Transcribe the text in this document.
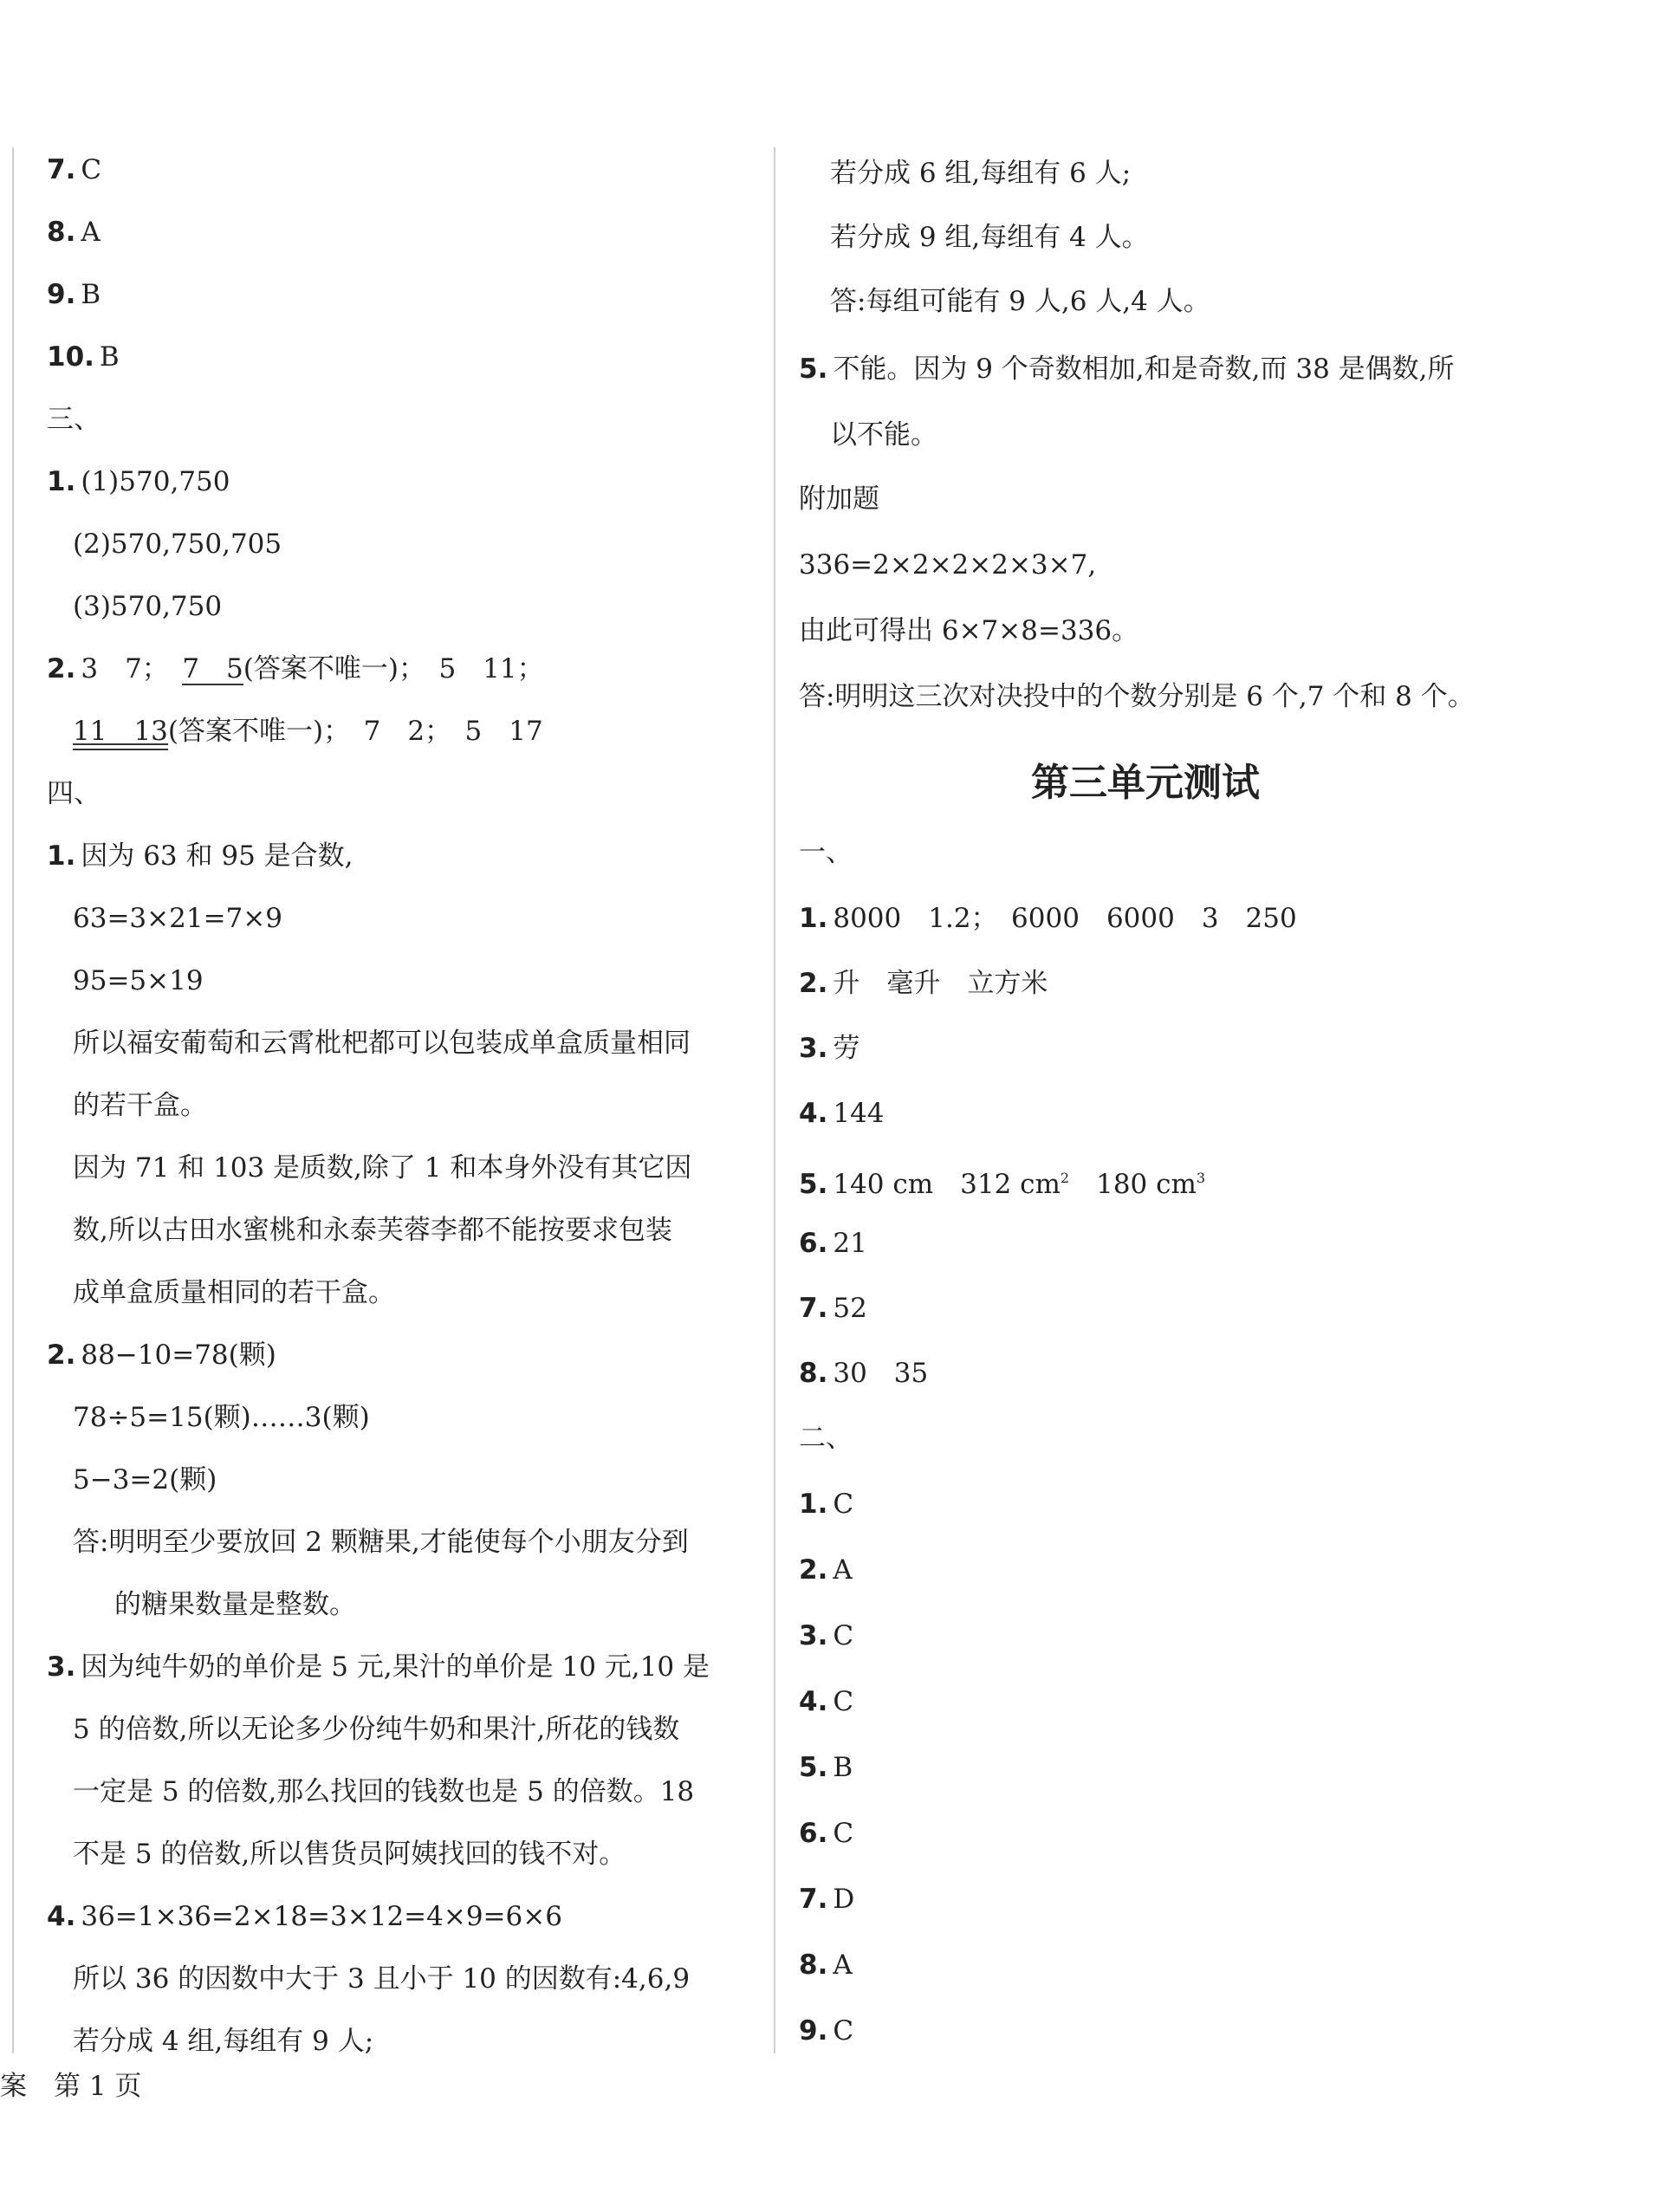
7. C
8. A
9. B
10. B
三、
1. (1)570,750
(2)570,750,705
(3)570,750
2. 3　7；　 7　5(答案不唯一)；　5　11；
11　13(答案不唯一)；　7　2；　5　17
四、
1. 因为 63 和 95 是合数,
63=3×21=7×9
95=5×19
所以福安葡萄和云霄枇杷都可以包装成单盒质量相同
的若干盒。
因为 71 和 103 是质数,除了 1 和本身外没有其它因
数,所以古田水蜜桃和永泰芙蓉李都不能按要求包装
成单盒质量相同的若干盒。
2. 88−10=78(颗)
78÷5=15(颗)……3(颗)
5−3=2(颗)
答:明明至少要放回 2 颗糖果,才能使每个小朋友分到
的糖果数量是整数。
3. 因为纯牛奶的单价是 5 元,果汁的单价是 10 元,10 是
5 的倍数,所以无论多少份纯牛奶和果汁,所花的钱数
一定是 5 的倍数,那么找回的钱数也是 5 的倍数。18
不是 5 的倍数,所以售货员阿姨找回的钱不对。
4. 36=1×36=2×18=3×12=4×9=6×6
所以 36 的因数中大于 3 且小于 10 的因数有:4,6,9
若分成 4 组,每组有 9 人;
若分成 6 组,每组有 6 人;
若分成 9 组,每组有 4 人。
答:每组可能有 9 人,6 人,4 人。
5. 不能。因为 9 个奇数相加,和是奇数,而 38 是偶数,所
以不能。
附加题
336=2×2×2×2×3×7,
由此可得出 6×7×8=336。
答:明明这三次对决投中的个数分别是 6 个,7 个和 8 个。
第三单元测试
一、
1. 8000　1.2；　6000　6000　3　250
2. 升　毫升　立方米
3. 劳
4. 144
5. 140 cm　312 $cm^2$　180 $cm^3$
6. 21
7. 52
8. 30　35
二、
1. C
2. A
3. C
4. C
5. B
6. C
7. D
8. A
9. C
案　第 1 页
